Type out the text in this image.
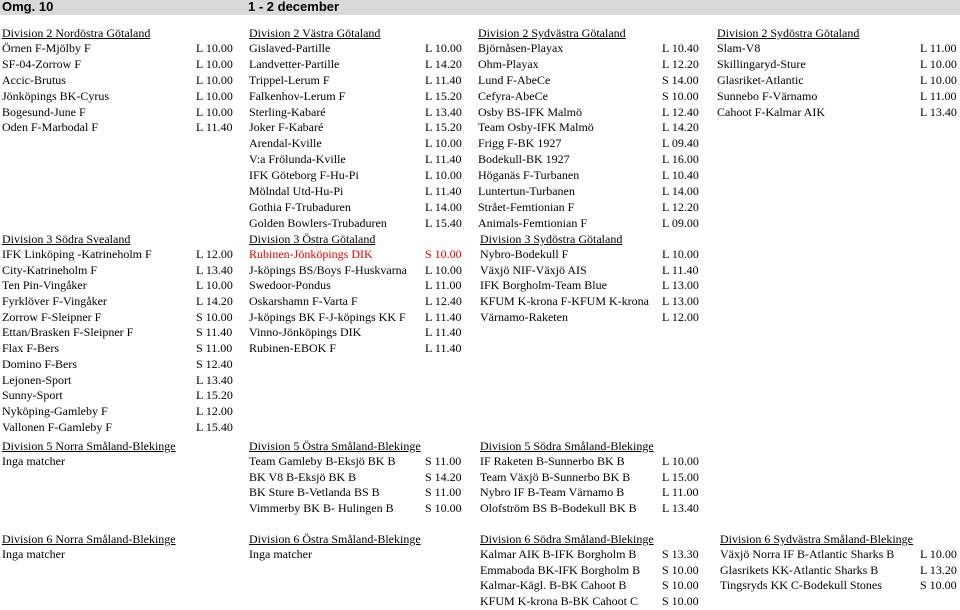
Omg. 10	1 - 2 december
Division 2 Nordöstra Götaland
Örnen F-Mjölby F	L 10.00
SF-04-Zorrow F	L 10.00
Accic-Brutus	L 10.00
Jönköpings BK-Cyrus	L 10.00
Bogesund-June F	L 10.00
Oden F-Marbodal F	L 11.40
Division 2 Västra Götaland
Gislaved-Partille	L 10.00
Landvetter-Partille	L 14.20
Trippel-Lerum F	L 11.40
Falkenhov-Lerum F	L 15.20
Sterling-Kabaré	L 13.40
Joker F-Kabaré	L 15.20
Arendal-Kville	L 10.00
V:a Frölunda-Kville	L 11.40
IFK Göteborg F-Hu-Pi	L 10.00
Mölndal Utd-Hu-Pi	L 11.40
Gothia F-Trubaduren	L 14.00
Golden Bowlers-Trubaduren	L 15.40
Division 2 Sydvästra Götaland
Björnåsen-Playax	L 10.40
Ohm-Playax	L 12.20
Lund F-AbeCe	S 14.00
Cefyra-AbeCe	S 10.00
Osby BS-IFK Malmö	L 12.40
Team Osby-IFK Malmö	L 14.20
Frigg F-BK 1927	L 09.40
Bodekull-BK 1927	L 16.00
Höganäs F-Turbanen	L 10.40
Luntertun-Turbanen	L 14.00
Strået-Femtionian F	L 12.20
Animals-Femtionian F	L 09.00
Division 2 Sydöstra Götaland
Slam-V8	L 11.00
Skillingaryd-Sture	L 10.00
Glasriket-Atlantic	L 10.00
Sunnebo F-Värnamo	L 11.00
Cahoot F-Kalmar AIK	L 13.40
Division 3 Södra Svealand
IFK Linköping -Katrineholm F	L 12.00
City-Katrineholm F	L 13.40
Ten Pin-Vingåker	L 10.00
Fyrklöver F-Vingåker	L 14.20
Zorrow F-Sleipner F	S 10.00
Ettan/Brasken F-Sleipner F	S 11.40
Flax F-Bers	S 11.00
Domino F-Bers	S 12.40
Lejonen-Sport	L 13.40
Sunny-Sport	L 15.20
Nyköping-Gamleby F	L 12.00
Vallonen F-Gamleby F	L 15.40
Division 3 Östra Götaland
Rubinen-Jönköpings DIK	S 10.00
J-köpings BS/Boys F-Huskvarna L 10.00
Swedoor-Pondus	L 11.00
Oskarshamn F-Varta F	L 12.40
J-köpings BK F-J-köpings KK F L 11.40
Vinno-Jönköpings DIK	L 11.40
Rubinen-EBOK F	L 11.40
Division 3 Sydöstra Götaland
Nybro-Bodekull F	L 10.00
Växjö NIF-Växjö AIS	L 11.40
IFK Borgholm-Team Blue	L 13.00
KFUM K-krona F-KFUM K-krona L 13.00
Värnamo-Raketen	L 12.00
Division 5 Norra Småland-Blekinge
Inga matcher
Division 5 Östra Småland-Blekinge
Team Gamleby B-Eksjö BK B S 11.00
BK V8 B-Eksjö BK B	S 14.20
BK Sture B-Vetlanda BS B	S 11.00
Vimmerby BK B- Hulingen B	S 10.00
Division 5 Södra Småland-Blekinge
IF Raketen B-Sunnerbo BK B	L 10.00
Team Växjö B-Sunnerbo BK B	L 15.00
Nybro IF B-Team Värnamo B	L 11.00
Olofström BS B-Bodekull BK B L 13.40
Division 6 Norra Småland-Blekinge
Inga matcher
Division 6 Östra Småland-Blekinge
Inga matcher
Division 6 Södra Småland-Blekinge
Kalmar AIK B-IFK Borgholm B S 13.30
Emmaboda BK-IFK Borgholm B S 10.00
Kalmar-Kägl. B-BK Cahoot B	S 10.00
KFUM K-krona B-BK Cahoot C S 10.00
Division 6 Sydvästra Småland-Blekinge
Växjö Norra IF B-Atlantic Sharks B L 10.00
Glasrikets KK-Atlantic Sharks B	L 13.20
Tingsryds KK C-Bodekull Stones	S 10.00
